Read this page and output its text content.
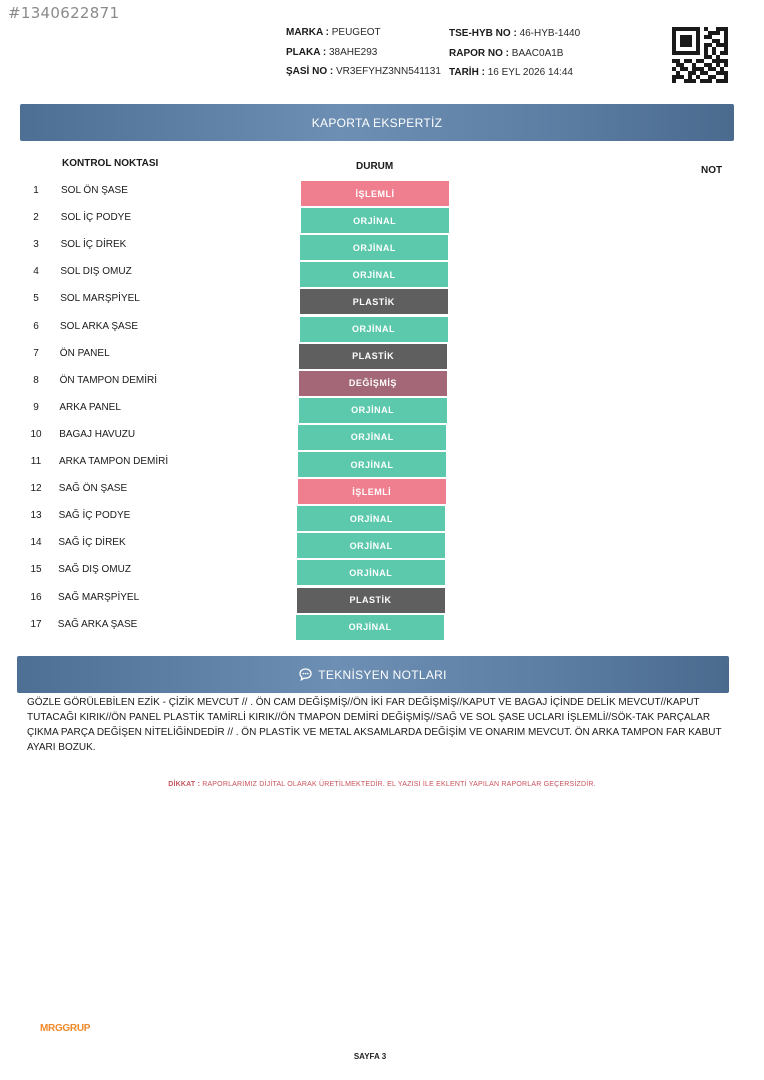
#1340622871
MARKA : PEUGEOT
PLAKA : 38AHE293
ŞASİ NO : VR3EFYHZ3NN541131
TSE-HYB NO : 46-HYB-1440
RAPOR NO : BAAC0A1B
TARİH : 16 EYL 2026 14:44
KAPORTA EKSPERTİZ
KONTROL NOKTASI	DURUM	NOT
1	SOL ÖN ŞASE	İŞLEMLİ
2	SOL İÇ PODYE	ORJİNAL
3	SOL İÇ DİREK	ORJİNAL
4	SOL DIŞ OMUZ	ORJİNAL
5	SOL MARŞPİYEL	PLASTİK
6	SOL ARKA ŞASE	ORJİNAL
7	ÖN PANEL	PLASTİK
8	ÖN TAMPON DEMİRİ	DEĞİŞMİŞ
9	ARKA PANEL	ORJİNAL
10	BAGAJ HAVUZU	ORJİNAL
11	ARKA TAMPON DEMİRİ	ORJİNAL
12	SAĞ ÖN ŞASE	İŞLEMLİ
13	SAĞ İÇ PODYE	ORJİNAL
14	SAĞ İÇ DİREK	ORJİNAL
15	SAĞ DIŞ OMUZ	ORJİNAL
16	SAĞ MARŞPİYEL	PLASTİK
17	SAĞ ARKA ŞASE	ORJİNAL
TEKNİSYEN NOTLARI
GÖZLE GÖRÜLEBİLEN EZİK - ÇİZİK MEVCUT // . ÖN CAM DEĞİŞMİŞ//ÖN İKİ FAR DEĞİŞMİŞ//KAPUT VE BAGAJ İÇİNDE DELİK MEVCUT//KAPUT TUTACAĞI KIRIK//ÖN PANEL PLASTİK TAMİRLİ KIRIK//ÖN TMAPON DEMİRİ DEĞİŞMİŞ//SAĞ VE SOL ŞASE UCLARI İŞLEMLİ//SÖK-TAK PARÇALAR ÇIKMA PARÇA DEĞİŞEN NİTELİĞİNDEDİR // . ÖN PLASTİK VE METAL AKSAMLARDA DEĞİŞİM VE ONARIM MEVCUT. ÖN ARKA TAMPON FAR KABUT AYARI BOZUK.
DİKKAT : RAPORLARIMIZ DİJİTAL OLARAK ÜRETİLMEKTEDİR. EL YAZISI İLE EKLENTİ YAPILAN RAPORLAR GEÇERSİZDİR.
MRGGRUP
SAYFA 3
